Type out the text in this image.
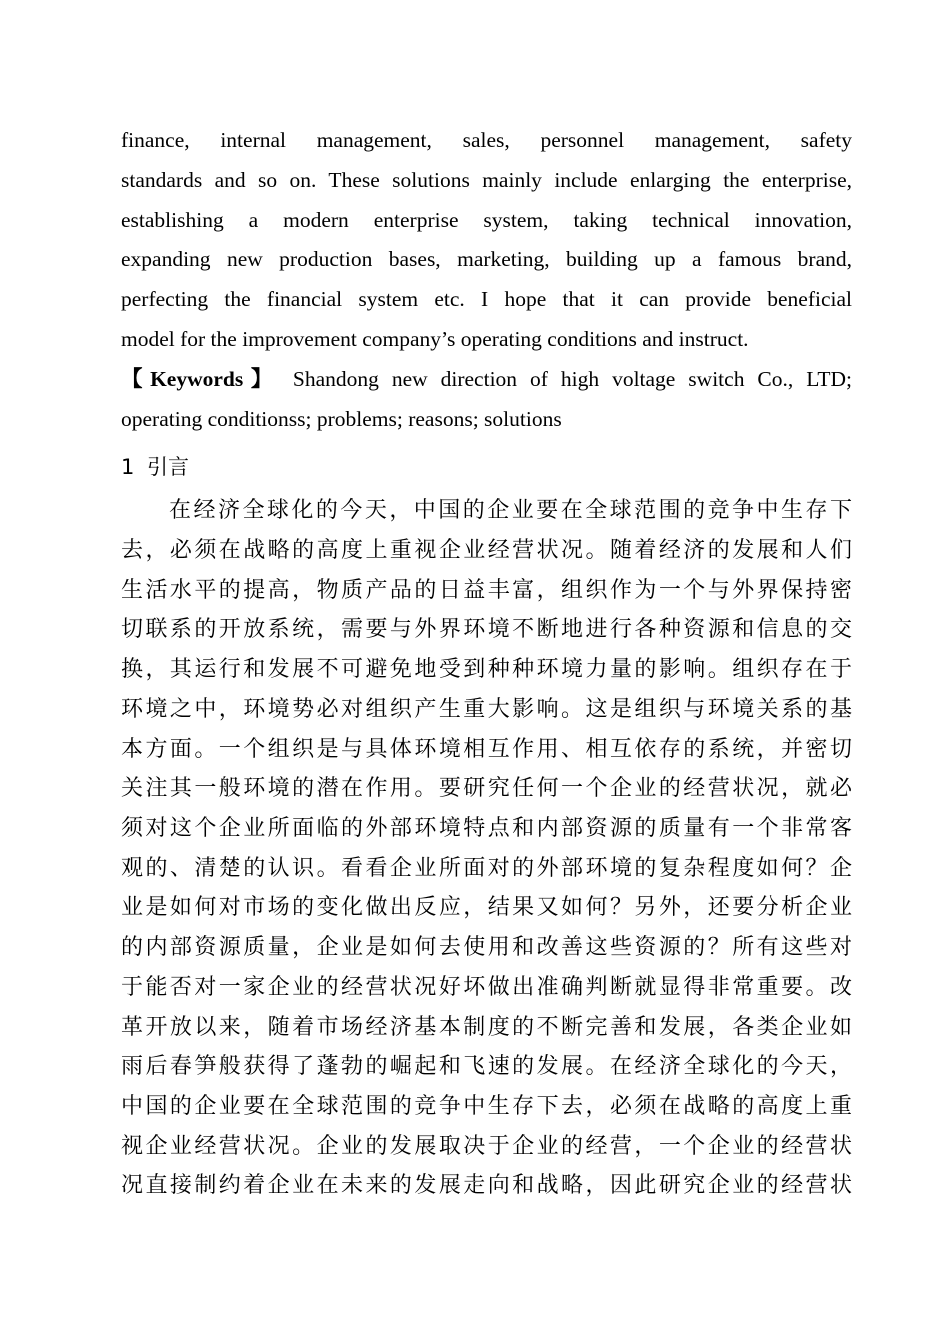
finance, internal management, sales, personnel management, safety
standards and so on. These solutions mainly include enlarging the enterprise,
establishing a modern enterprise system, taking technical innovation,
expanding new production bases, marketing, building up a famous brand,
perfecting the financial system etc. I hope that it can provide beneficial
model for the improvement company’s operating conditions and instruct.
【Keywords】 Shandong new direction of high voltage switch Co., LTD;
operating conditionss; problems; reasons; solutions
1 引言
在经济全球化的今天，中国的企业要在全球范围的竞争中生存下
去，必须在战略的高度上重视企业经营状况。随着经济的发展和人们
生活水平的提高，物质产品的日益丰富，组织作为一个与外界保持密
切联系的开放系统，需要与外界环境不断地进行各种资源和信息的交
换，其运行和发展不可避免地受到种种环境力量的影响。组织存在于
环境之中，环境势必对组织产生重大影响。这是组织与环境关系的基
本方面。一个组织是与具体环境相互作用、相互依存的系统，并密切
关注其一般环境的潜在作用。要研究任何一个企业的经营状况，就必
须对这个企业所面临的外部环境特点和内部资源的质量有一个非常客
观的、清楚的认识。看看企业所面对的外部环境的复杂程度如何？企
业是如何对市场的变化做出反应，结果又如何？另外，还要分析企业
的内部资源质量，企业是如何去使用和改善这些资源的？所有这些对
于能否对一家企业的经营状况好坏做出准确判断就显得非常重要。改
革开放以来，随着市场经济基本制度的不断完善和发展，各类企业如
雨后春笋般获得了蓬勃的崛起和飞速的发展。在经济全球化的今天，
中国的企业要在全球范围的竞争中生存下去，必须在战略的高度上重
视企业经营状况。企业的发展取决于企业的经营，一个企业的经营状
况直接制约着企业在未来的发展走向和战略，因此研究企业的经营状
